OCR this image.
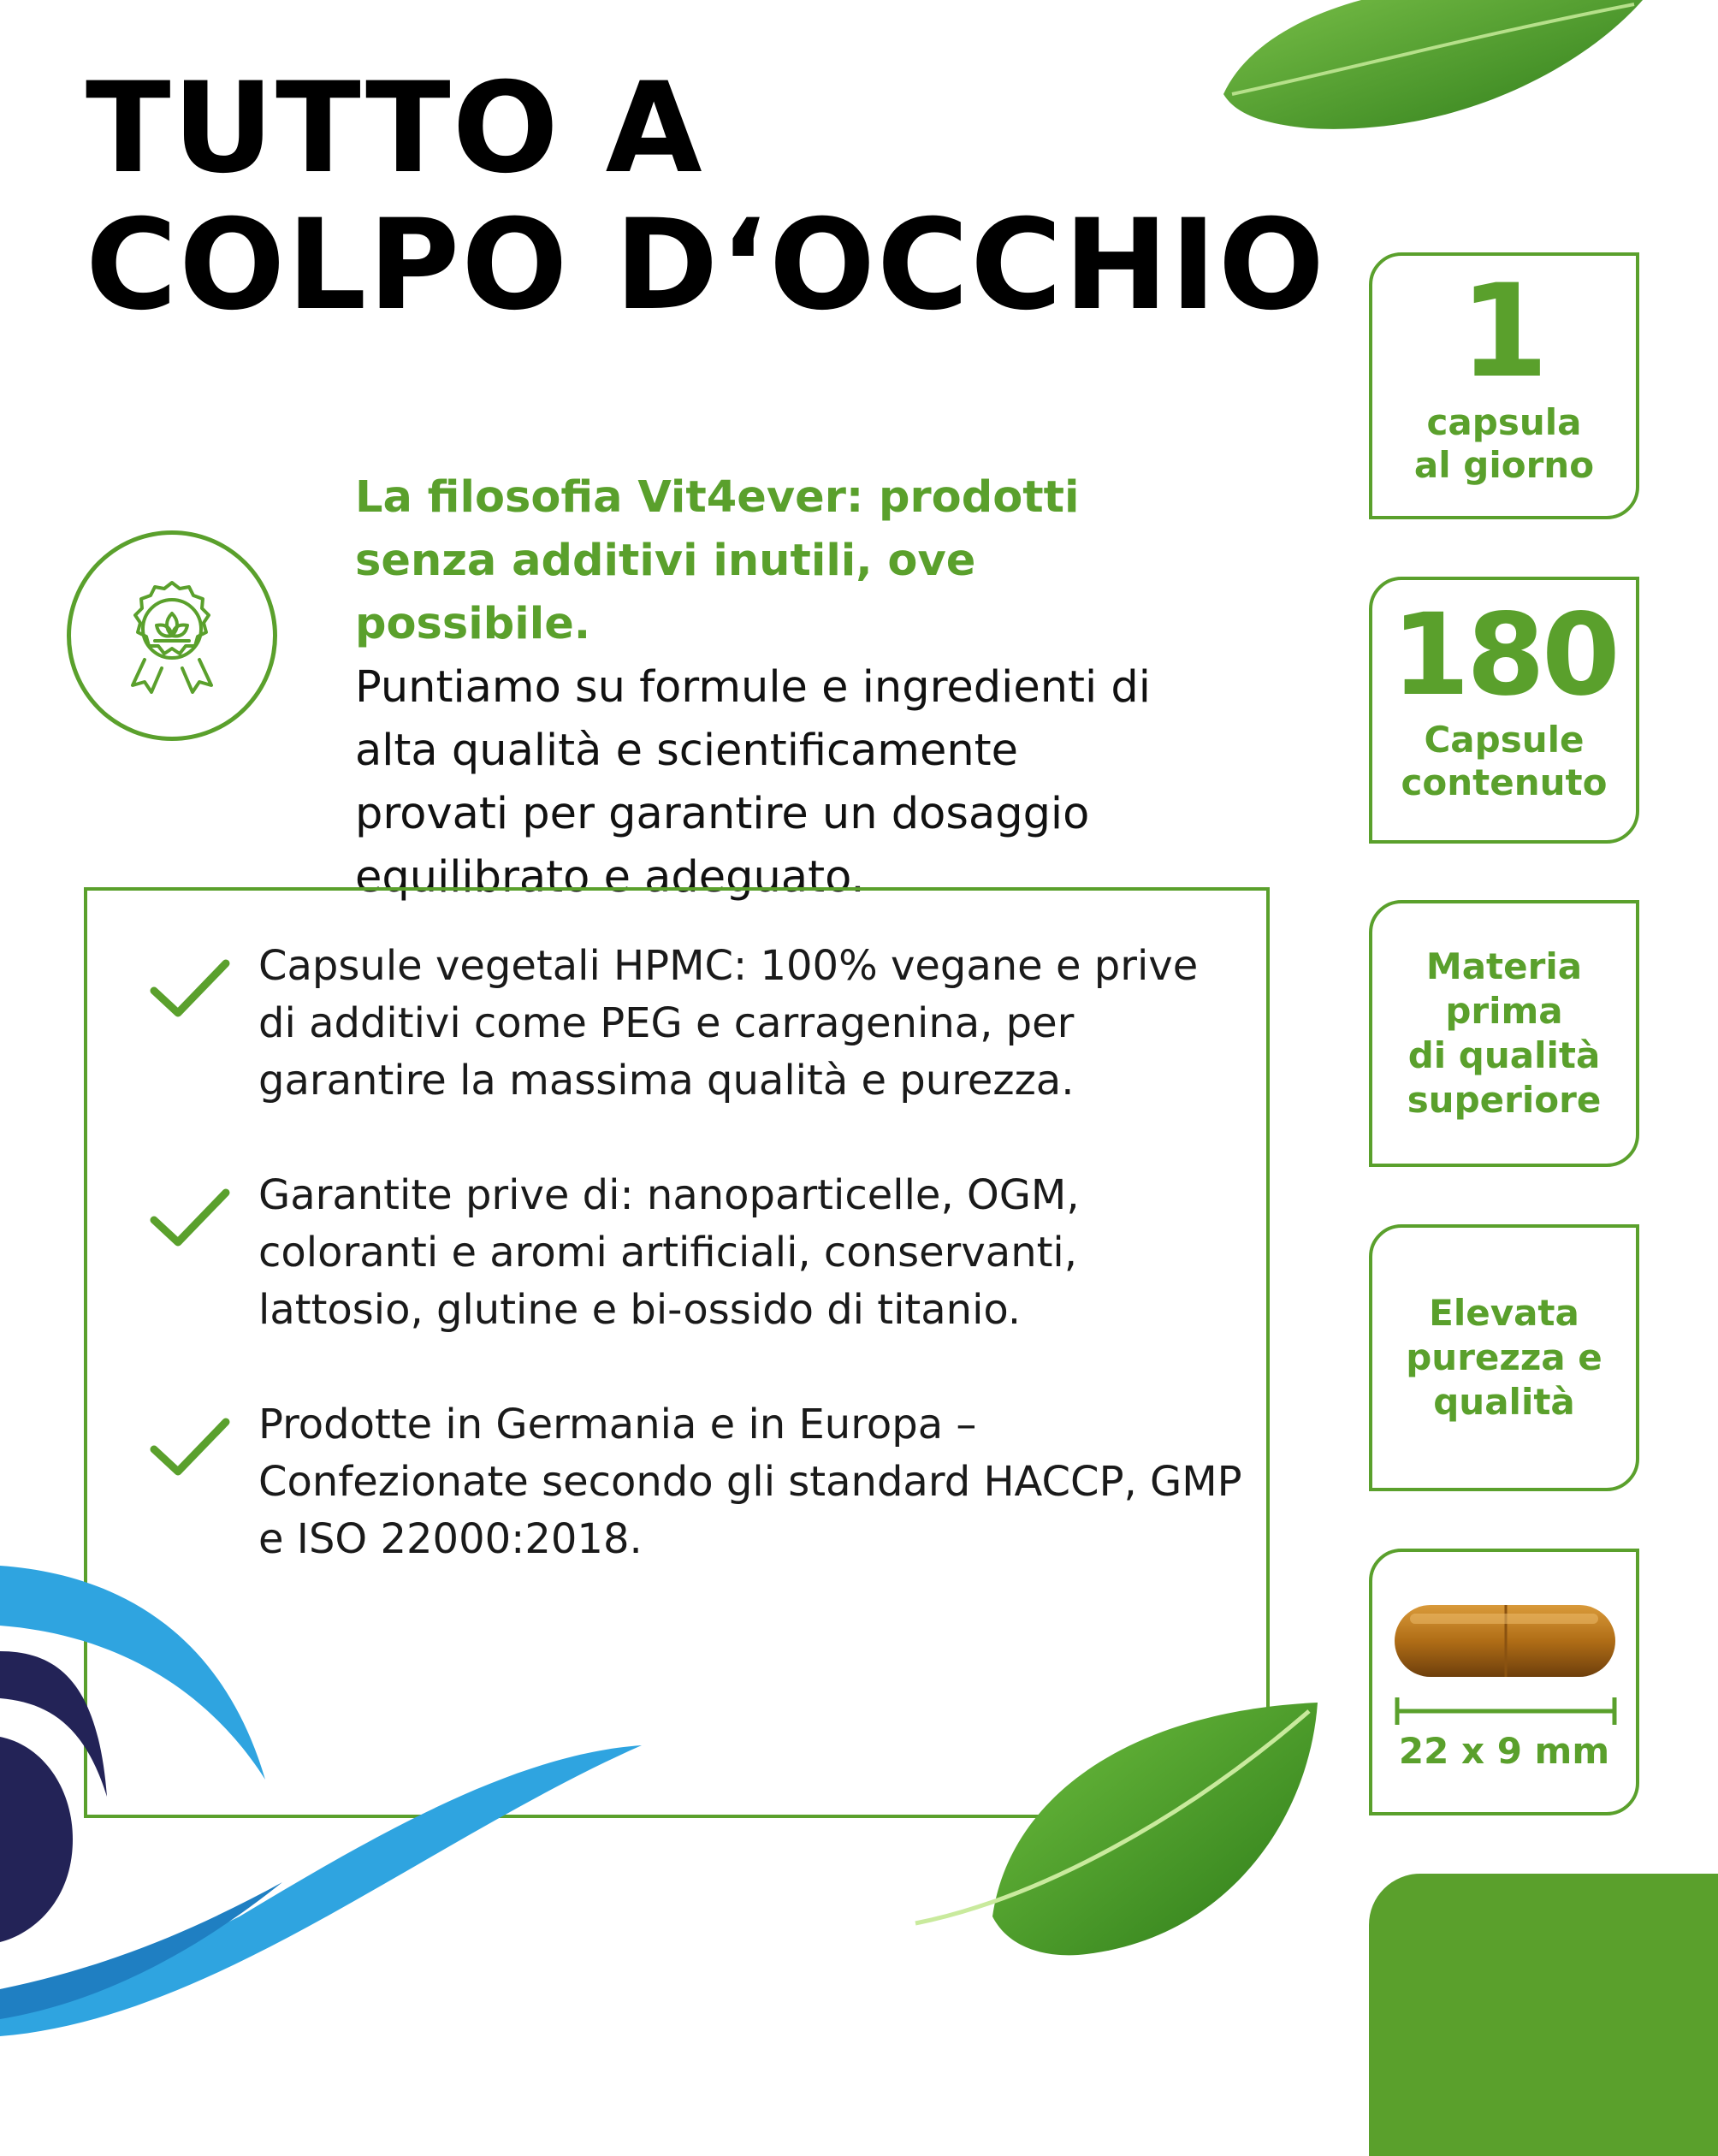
TUTTO A
COLPO D‘OCCHIO
La filosofia Vit4ever: prodotti
senza additivi inutili, ove possibile.
Puntiamo su formule e ingredienti di alta qualità e scientificamente provati per garantire un dosaggio equilibrato e adeguato.
Capsule vegetali HPMC: 100% vegane e prive di additivi come PEG e carragenina, per garantire la massima qualità e purezza.
Garantite prive di: nanoparticelle, OGM, coloranti e aromi artificiali, conservanti, lattosio, glutine e bi-ossido di titanio.
Prodotte in Germania e in Europa – Confezionate secondo gli standard HACCP, GMP e ISO 22000:2018.
1
capsula
al giorno
180
Capsule
contenuto
Materia prima
di qualità
superiore
Elevata
purezza e
qualità
22 x 9 mm
